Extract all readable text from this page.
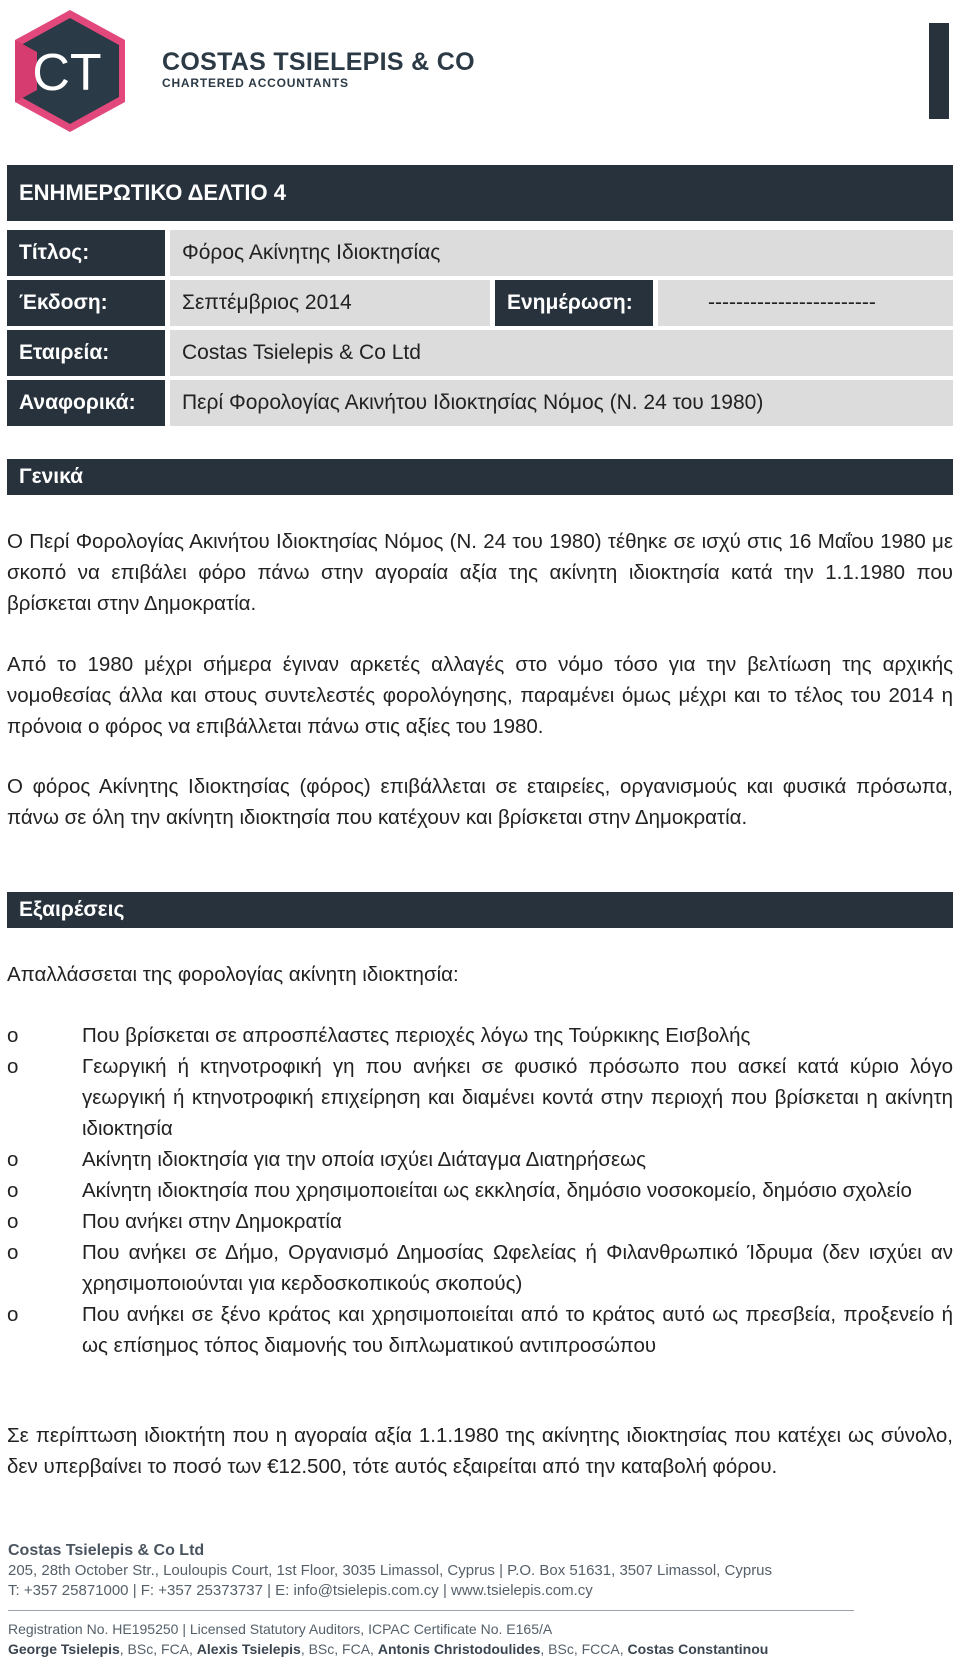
CT COSTAS TSIELEPIS & CO
CHARTERED ACCOUNTANTS
ΕΝΗΜΕΡΩΤΙΚΟ ΔΕΛΤΙΟ 4
Τίτλος:	Φόρος Ακίνητης Ιδιοκτησίας
Έκδοση:	Σεπτέμβριος 2014	Ενημέρωση:	------------------------
Εταιρεία:	Costas Tsielepis & Co Ltd
Αναφορικά:	Περί Φορολογίας Ακινήτου Ιδιοκτησίας Νόμος (Ν. 24 του 1980)
Γενικά

Ο Περί Φορολογίας Ακινήτου Ιδιοκτησίας Νόμος (Ν. 24 του 1980) τέθηκε σε ισχύ στις 16 Μαΐου 1980 με σκοπό να επιβάλει φόρο πάνω στην αγοραία αξία της ακίνητη ιδιοκτησία κατά την 1.1.1980 που βρίσκεται στην Δημοκρατία.

Από το 1980 μέχρι σήμερα έγιναν αρκετές αλλαγές στο νόμο τόσο για την βελτίωση της αρχικής νομοθεσίας άλλα και στους συντελεστές φορολόγησης, παραμένει όμως μέχρι και το τέλος του 2014 η πρόνοια ο φόρος να επιβάλλεται πάνω στις αξίες του 1980.

Ο φόρος Ακίνητης Ιδιοκτησίας (φόρος) επιβάλλεται σε εταιρείες, οργανισμούς και φυσικά πρόσωπα, πάνω σε όλη την ακίνητη ιδιοκτησία που κατέχουν και βρίσκεται στην Δημοκρατία.

Εξαιρέσεις

Απαλλάσσεται της φορολογίας ακίνητη ιδιοκτησία:

o	Που βρίσκεται σε απροσπέλαστες περιοχές λόγω της Τούρκικης Εισβολής
o	Γεωργική ή κτηνοτροφική γη που ανήκει σε φυσικό πρόσωπο που ασκεί κατά κύριο λόγο γεωργική ή κτηνοτροφική επιχείρηση και διαμένει κοντά στην περιοχή που βρίσκεται η ακίνητη ιδιοκτησία
o	Ακίνητη ιδιοκτησία για την οποία ισχύει Διάταγμα Διατηρήσεως
o	Ακίνητη ιδιοκτησία που χρησιμοποιείται ως εκκλησία, δημόσιο νοσοκομείο, δημόσιο σχολείο
o	Που ανήκει στην Δημοκρατία
o	Που ανήκει σε Δήμο, Οργανισμό Δημοσίας Ωφελείας ή Φιλανθρωπικό Ίδρυμα (δεν ισχύει αν χρησιμοποιούνται για κερδοσκοπικούς σκοπούς)
o	Που ανήκει σε ξένο κράτος και χρησιμοποιείται από το κράτος αυτό ως πρεσβεία, προξενείο ή ως επίσημος τόπος διαμονής του διπλωματικού αντιπροσώπου

Σε περίπτωση ιδιοκτήτη που η αγοραία αξία 1.1.1980 της ακίνητης ιδιοκτησίας που κατέχει ως σύνολο, δεν υπερβαίνει το ποσό των €12.500, τότε αυτός εξαιρείται από την καταβολή φόρου.

Costas Tsielepis & Co Ltd
205, 28th October Str., Louloupis Court, 1st Floor, 3035 Limassol, Cyprus | P.O. Box 51631, 3507 Limassol, Cyprus
T: +357 25871000 | F: +357 25373737 | E: info@tsielepis.com.cy | www.tsielepis.com.cy
Registration No. HE195250 | Licensed Statutory Auditors, ICPAC Certificate No. E165/A
George Tsielepis, BSc, FCA, Alexis Tsielepis, BSc, FCA, Antonis Christodoulides, BSc, FCCA, Costas Constantinou
